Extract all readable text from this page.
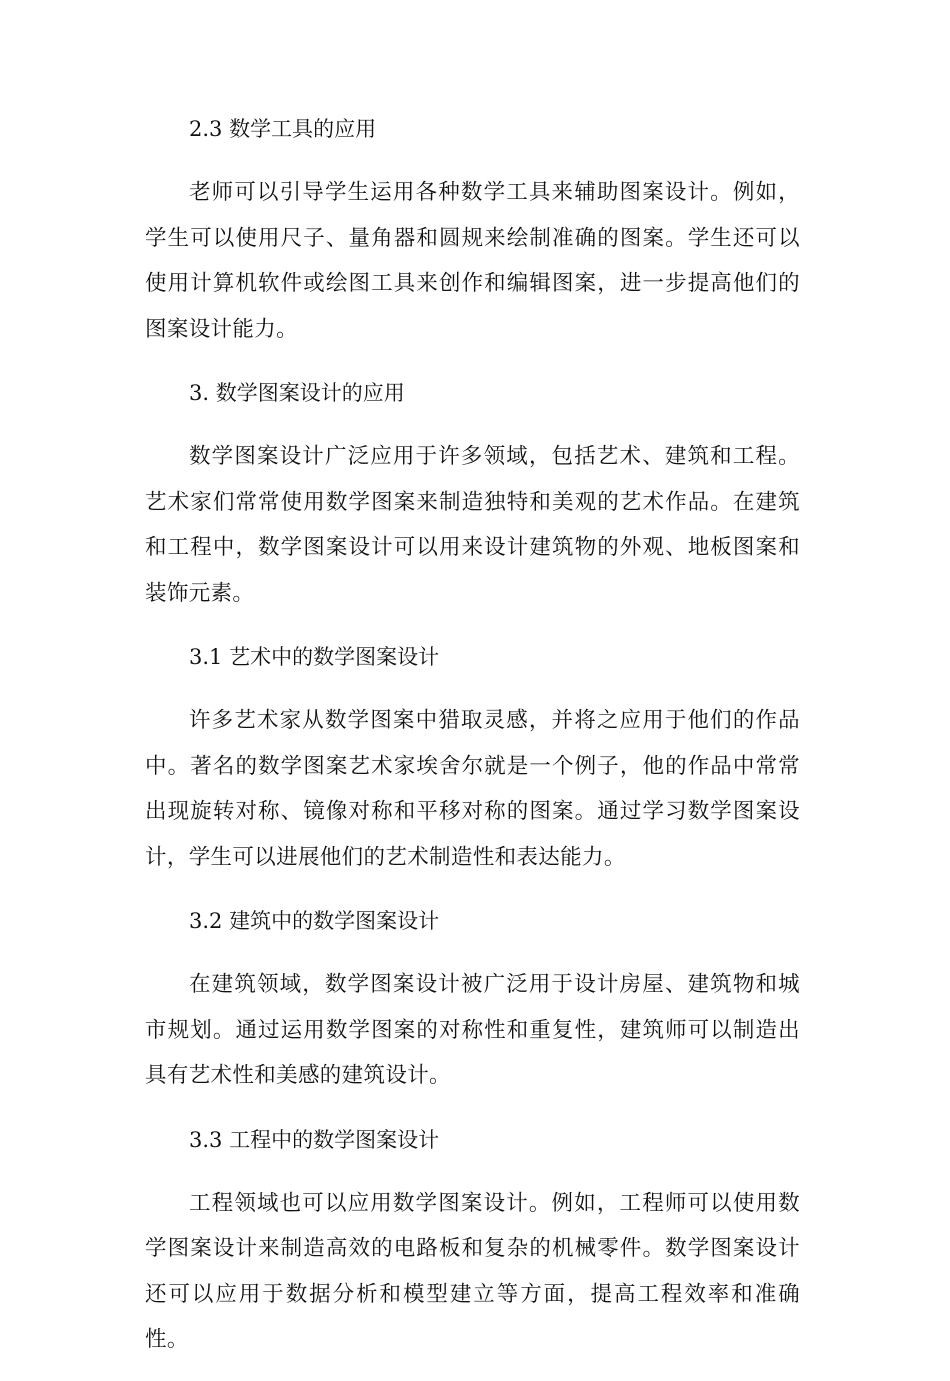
2.3 数学工具的应用

老师可以引导学生运用各种数学工具来辅助图案设计。例如，学生可以使用尺子、量角器和圆规来绘制准确的图案。学生还可以使用计算机软件或绘图工具来创作和编辑图案，进一步提高他们的图案设计能力。

3. 数学图案设计的应用

数学图案设计广泛应用于许多领域，包括艺术、建筑和工程。艺术家们常常使用数学图案来制造独特和美观的艺术作品。在建筑和工程中，数学图案设计可以用来设计建筑物的外观、地板图案和装饰元素。

3.1 艺术中的数学图案设计

许多艺术家从数学图案中猎取灵感，并将之应用于他们的作品中。著名的数学图案艺术家埃舍尔就是一个例子，他的作品中常常出现旋转对称、镜像对称和平移对称的图案。通过学习数学图案设计，学生可以进展他们的艺术制造性和表达能力。

3.2 建筑中的数学图案设计

在建筑领域，数学图案设计被广泛用于设计房屋、建筑物和城市规划。通过运用数学图案的对称性和重复性，建筑师可以制造出具有艺术性和美感的建筑设计。

3.3 工程中的数学图案设计

工程领域也可以应用数学图案设计。例如，工程师可以使用数学图案设计来制造高效的电路板和复杂的机械零件。数学图案设计还可以应用于数据分析和模型建立等方面，提高工程效率和准确性。
